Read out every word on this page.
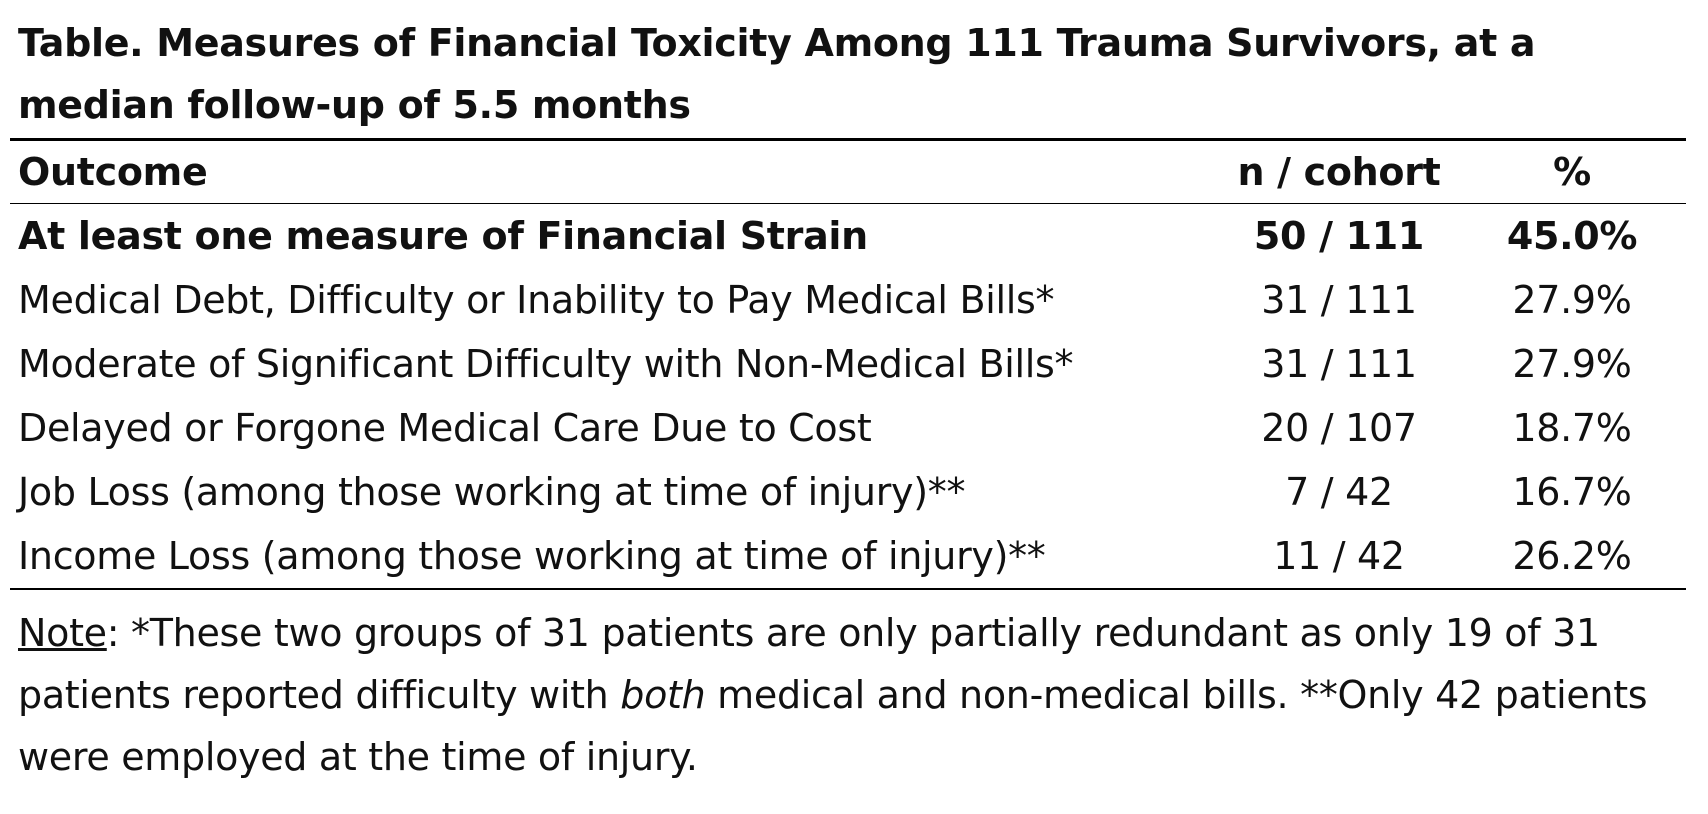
Table. Measures of Financial Toxicity Among 111 Trauma Survivors, at a median follow-up of 5.5 months
Outcome	n / cohort	%
At least one measure of Financial Strain	50 / 111	45.0%
Medical Debt, Difficulty or Inability to Pay Medical Bills*	31 / 111	27.9%
Moderate of Significant Difficulty with Non-Medical Bills*	31 / 111	27.9%
Delayed or Forgone Medical Care Due to Cost	20 / 107	18.7%
Job Loss (among those working at time of injury)**	7 / 42	16.7%
Income Loss (among those working at time of injury)**	11 / 42	26.2%
Note: *These two groups of 31 patients are only partially redundant as only 19 of 31 patients reported difficulty with both medical and non-medical bills. **Only 42 patients were employed at the time of injury.
